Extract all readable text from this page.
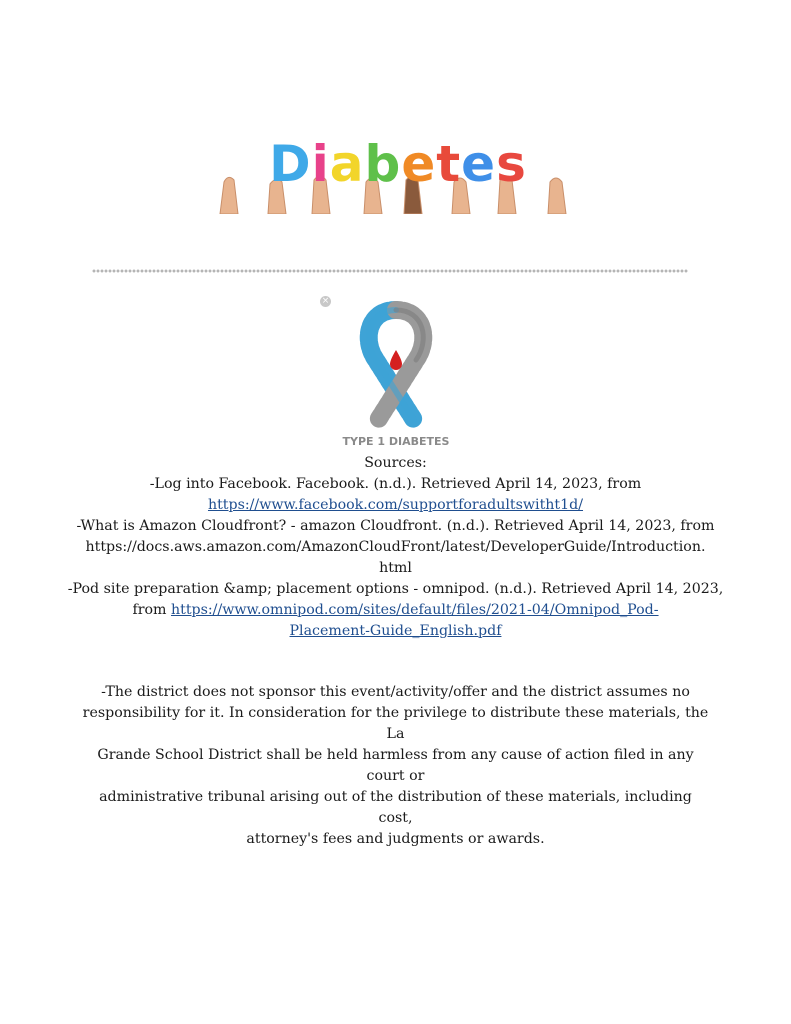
Diabetes
×
TYPE 1 DIABETES
Sources:
-Log into Facebook. Facebook. (n.d.). Retrieved April 14, 2023, from
https://www.facebook.com/supportforadultswitht1d/
-What is Amazon Cloudfront? - amazon Cloudfront. (n.d.). Retrieved April 14, 2023, from
https://docs.aws.amazon.com/AmazonCloudFront/latest/DeveloperGuide/Introduction.
html
-Pod site preparation &amp; placement options - omnipod. (n.d.). Retrieved April 14, 2023,
from https://www.omnipod.com/sites/default/files/2021-04/Omnipod_Pod-
Placement-Guide_English.pdf
-The district does not sponsor this event/activity/offer and the district assumes no
responsibility for it. In consideration for the privilege to distribute these materials, the La
Grande School District shall be held harmless from any cause of action filed in any court or
administrative tribunal arising out of the distribution of these materials, including cost,
attorney's fees and judgments or awards.
